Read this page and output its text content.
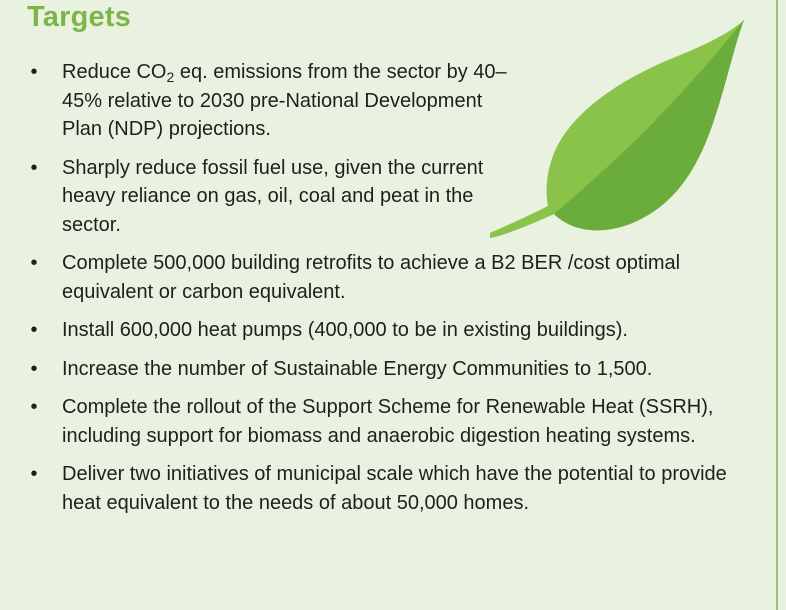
Targets
• Reduce $CO_2$ eq. emissions from the sector by 40–45% relative to 2030 pre-National Development Plan (NDP) projections.
• Sharply reduce fossil fuel use, given the current heavy reliance on gas, oil, coal and peat in the sector.
• Complete 500,000 building retrofits to achieve a B2 BER /cost optimal equivalent or carbon equivalent.
• Install 600,000 heat pumps (400,000 to be in existing buildings).
• Increase the number of Sustainable Energy Communities to 1,500.
• Complete the rollout of the Support Scheme for Renewable Heat (SSRH), including support for biomass and anaerobic digestion heating systems.
• Deliver two initiatives of municipal scale which have the potential to provide heat equivalent to the needs of about 50,000 homes.
